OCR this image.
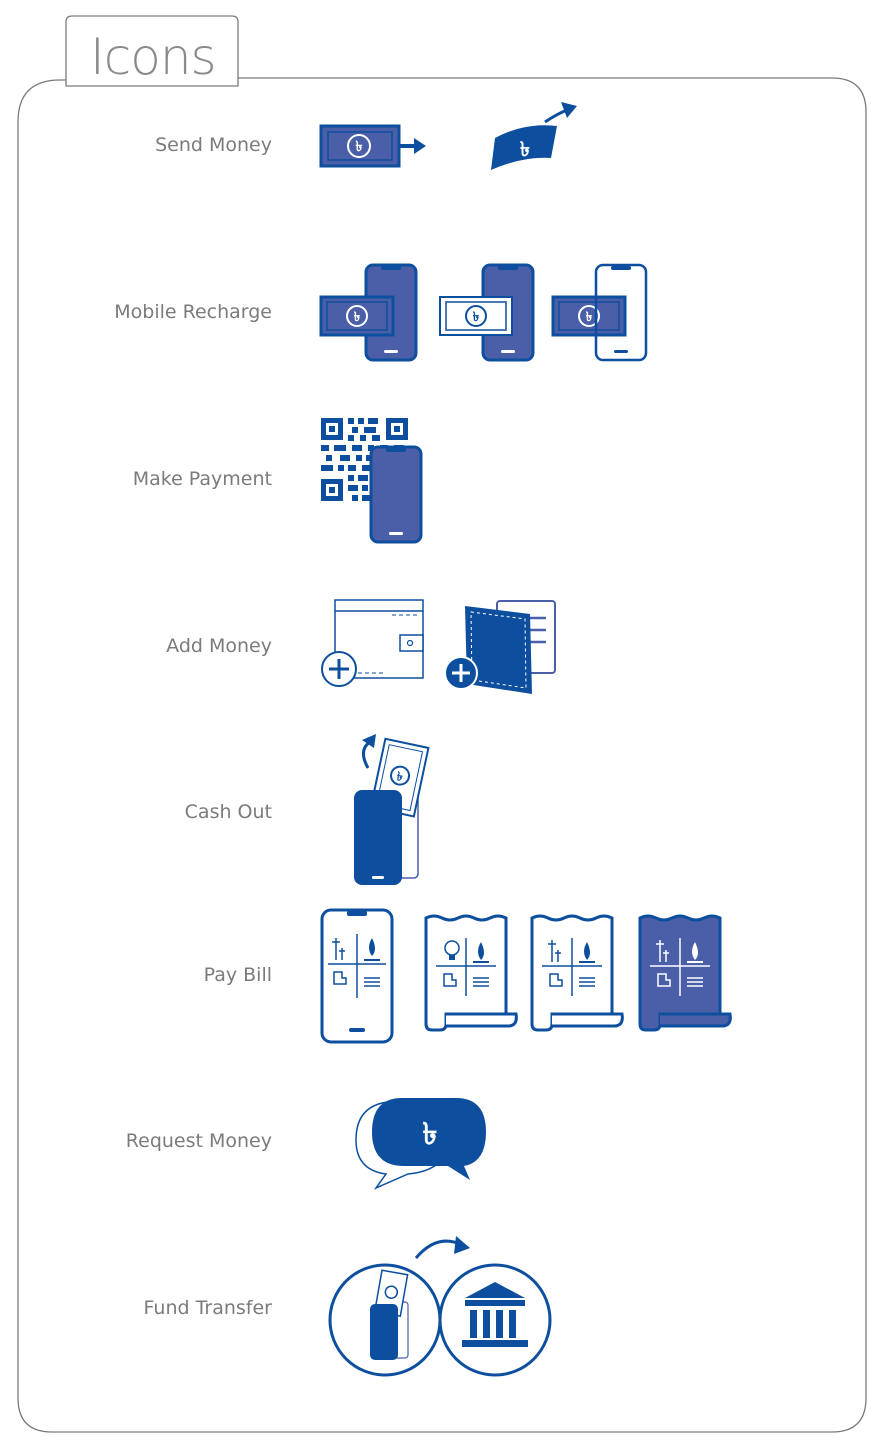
Icons
Send Money
Mobile Recharge
Make Payment
Add Money
Cash Out
Pay Bill
Request Money
Fund Transfer
৳	৳
৳	৳	৳
৳
৳
